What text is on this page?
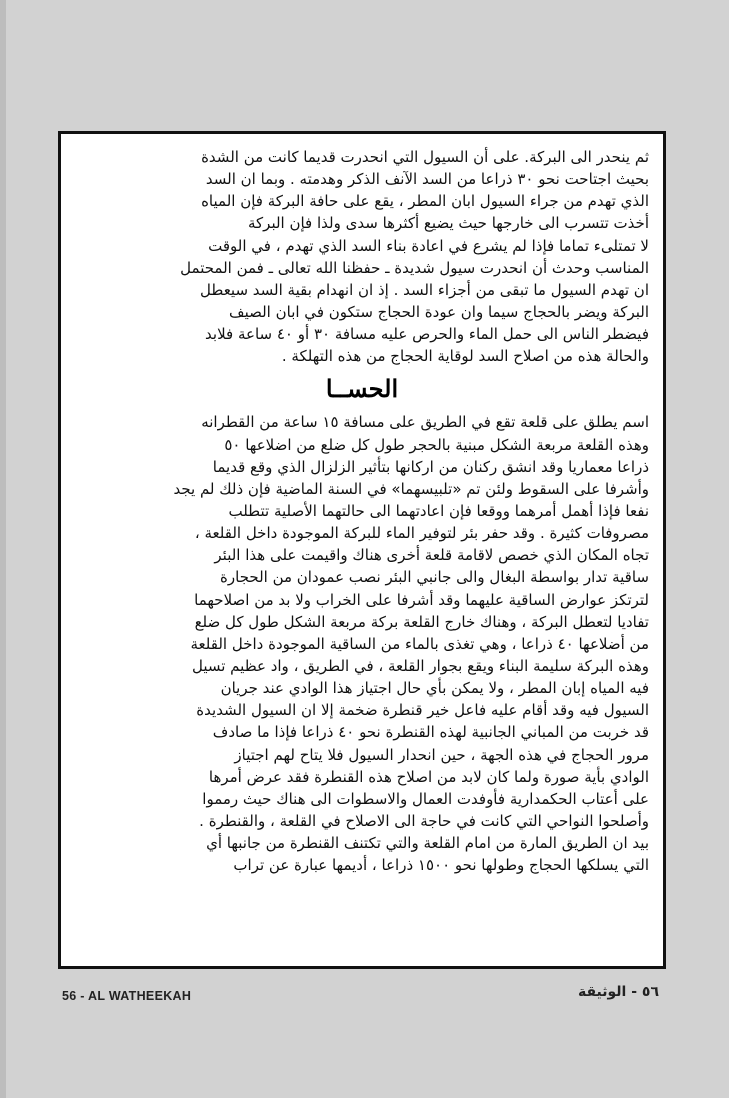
ثم ينحدر الى البركة. على أن السيول التي انحدرت قديما كانت من الشدة
بحيث اجتاحت نحو ٣٠ ذراعا من السد الآنف الذكر وهدمته . وبما ان السد
الذي تهدم من جراء السيول ابان المطر ، يقع على حافة البركة فإن المياه
أخذت تتسرب الى خارجها حيث يضيع أكثرها سدى ولذا فإن البركة
لا تمتلىء تماما فإذا لم يشرع في اعادة بناء السد الذي تهدم ، في الوقت
المناسب وحدث أن انحدرت سيول شديدة ـ حفظنا الله تعالى ـ فمن المحتمل
ان تهدم السيول ما تبقى من أجزاء السد . إذ ان انهدام بقية السد سيعطل
البركة ويضر بالحجاج سيما وان عودة الحجاج ستكون في ابان الصيف
فيضطر الناس الى حمل الماء والحرص عليه مسافة ٣٠ أو ٤٠ ساعة فلابد
والحالة هذه من اصلاح السد لوقاية الحجاج من هذه التهلكة .
الحســا
اسم يطلق على قلعة تقع في الطريق على مسافة ١٥ ساعة من القطرانه
وهذه القلعة مربعة الشكل مبنية بالحجر طول كل ضلع من اضلاعها ٥٠
ذراعا معماريا وقد انشق ركنان من اركانها بتأثير الزلزال الذي وقع قديما
وأشرفا على السقوط ولئن تم «تلبيسهما» في السنة الماضية فإن ذلك لم يجد
نفعا فإذا أهمل أمرهما ووقعا فإن اعادتهما الى حالتهما الأصلية تتطلب
مصروفات كثيرة . وقد حفر بئر لتوفير الماء للبركة الموجودة داخل القلعة ،
تجاه المكان الذي خصص لاقامة قلعة أخرى هناك واقيمت على هذا البئر
ساقية تدار بواسطة البغال والى جانبي البئر نصب عمودان من الحجارة
لترتكز عوارض الساقية عليهما وقد أشرفا على الخراب ولا بد من اصلاحهما
تفاديا لتعطل البركة ، وهناك خارج القلعة بركة مربعة الشكل طول كل ضلع
من أضلاعها ٤٠ ذراعا ، وهي تغذى بالماء من الساقية الموجودة داخل القلعة
وهذه البركة سليمة البناء ويقع بجوار القلعة ، في الطريق ، واد عظيم تسيل
فيه المياه إبان المطر ، ولا يمكن بأي حال اجتياز هذا الوادي عند جريان
السيول فيه وقد أقام عليه فاعل خير قنطرة ضخمة إلا ان السيول الشديدة
قد خربت من المباني الجانبية لهذه القنطرة نحو ٤٠ ذراعا فإذا ما صادف
مرور الحجاج في هذه الجهة ، حين انحدار السيول فلا يتاح لهم اجتياز
الوادي بأية صورة ولما كان لابد من اصلاح هذه القنطرة فقد عرض أمرها
على أعتاب الحكمدارية فأوفدت العمال والاسطوات الى هناك حيث رمموا
وأصلحوا النواحي التي كانت في حاجة الى الاصلاح في القلعة ، والقنطرة .
بيد ان الطريق المارة من امام القلعة والتي تكتنف القنطرة من جانبها أي
التي يسلكها الحجاج وطولها نحو ١٥٠٠ ذراعا ، أديمها عبارة عن تراب
56 - AL WATHEEKAH	٥٦ - الوثيقة
